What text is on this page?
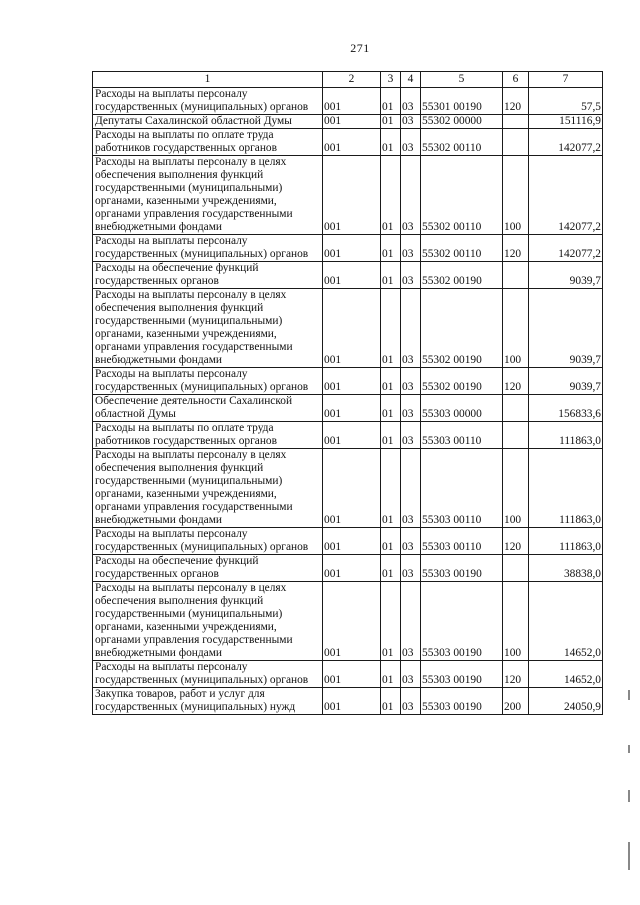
271
1	2	3	4	5	6	7
Расходы на выплаты персоналу государственных (муниципальных) органов	001	01	03	55301 00190	120	57,5
Депутаты Сахалинской областной Думы	001	01	03	55302 00000		151116,9
Расходы на выплаты по оплате труда работников государственных органов	001	01	03	55302 00110		142077,2
Расходы на выплаты персоналу в целях обеспечения выполнения функций государственными (муниципальными) органами, казенными учреждениями, органами управления государственными внебюджетными фондами	001	01	03	55302 00110	100	142077,2
Расходы на выплаты персоналу государственных (муниципальных) органов	001	01	03	55302 00110	120	142077,2
Расходы на обеспечение функций государственных органов	001	01	03	55302 00190		9039,7
Расходы на выплаты персоналу в целях обеспечения выполнения функций государственными (муниципальными) органами, казенными учреждениями, органами управления государственными внебюджетными фондами	001	01	03	55302 00190	100	9039,7
Расходы на выплаты персоналу государственных (муниципальных) органов	001	01	03	55302 00190	120	9039,7
Обеспечение деятельности Сахалинской областной Думы	001	01	03	55303 00000		156833,6
Расходы на выплаты по оплате труда работников государственных органов	001	01	03	55303 00110		111863,0
Расходы на выплаты персоналу в целях обеспечения выполнения функций государственными (муниципальными) органами, казенными учреждениями, органами управления государственными внебюджетными фондами	001	01	03	55303 00110	100	111863,0
Расходы на выплаты персоналу государственных (муниципальных) органов	001	01	03	55303 00110	120	111863,0
Расходы на обеспечение функций государственных органов	001	01	03	55303 00190		38838,0
Расходы на выплаты персоналу в целях обеспечения выполнения функций государственными (муниципальными) органами, казенными учреждениями, органами управления государственными внебюджетными фондами	001	01	03	55303 00190	100	14652,0
Расходы на выплаты персоналу государственных (муниципальных) органов	001	01	03	55303 00190	120	14652,0
Закупка товаров, работ и услуг для государственных (муниципальных) нужд	001	01	03	55303 00190	200	24050,9
